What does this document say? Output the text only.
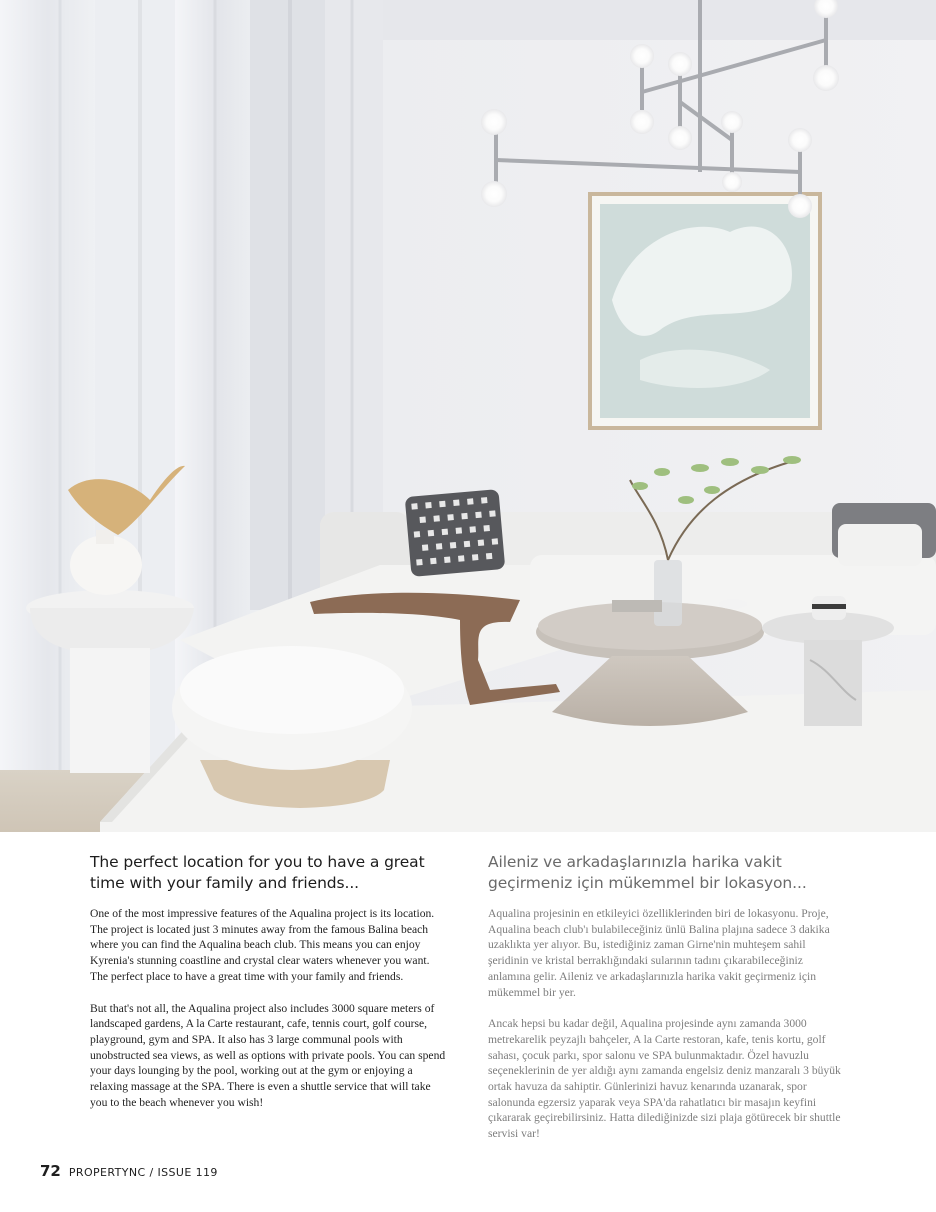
The perfect location for you to have a great time with your family and friends...

One of the most impressive features of the Aqualina project is its location. The project is located just 3 minutes away from the famous Balina beach where you can find the Aqualina beach club. This means you can enjoy Kyrenia's stunning coastline and crystal clear waters whenever you want. The perfect place to have a great time with your family and friends.

But that's not all, the Aqualina project also includes 3000 square meters of landscaped gardens, A la Carte restaurant, cafe, tennis court, golf course, playground, gym and SPA. It also has 3 large communal pools with unobstructed sea views, as well as options with private pools. You can spend your days lounging by the pool, working out at the gym or enjoying a relaxing massage at the SPA. There is even a shuttle service that will take you to the beach whenever you wish!

Aileniz ve arkadaşlarınızla harika vakit geçirmeniz için mükemmel bir lokasyon...

Aqualina projesinin en etkileyici özelliklerinden biri de lokasyonu. Proje, Aqualina beach club'ı bulabileceğiniz ünlü Balina plajına sadece 3 dakika uzaklıkta yer alıyor. Bu, istediğiniz zaman Girne'nin muhteşem sahil şeridinin ve kristal berraklığındaki sularının tadını çıkarabileceğiniz anlamına gelir. Aileniz ve arkadaşlarınızla harika vakit geçirmeniz için mükemmel bir yer.

Ancak hepsi bu kadar değil, Aqualina projesinde aynı zamanda 3000 metrekarelik peyzajlı bahçeler, A la Carte restoran, kafe, tenis kortu, golf sahası, çocuk parkı, spor salonu ve SPA bulunmaktadır. Özel havuzlu seçeneklerinin de yer aldığı aynı zamanda engelsiz deniz manzaralı 3 büyük ortak havuza da sahiptir. Günlerinizi havuz kenarında uzanarak, spor salonunda egzersiz yaparak veya SPA'da rahatlatıcı bir masajın keyfini çıkararak geçirebilirsiniz. Hatta dilediğinizde sizi plaja götürecek bir shuttle servisi var!

72 PROPERTYNC / ISSUE 119
